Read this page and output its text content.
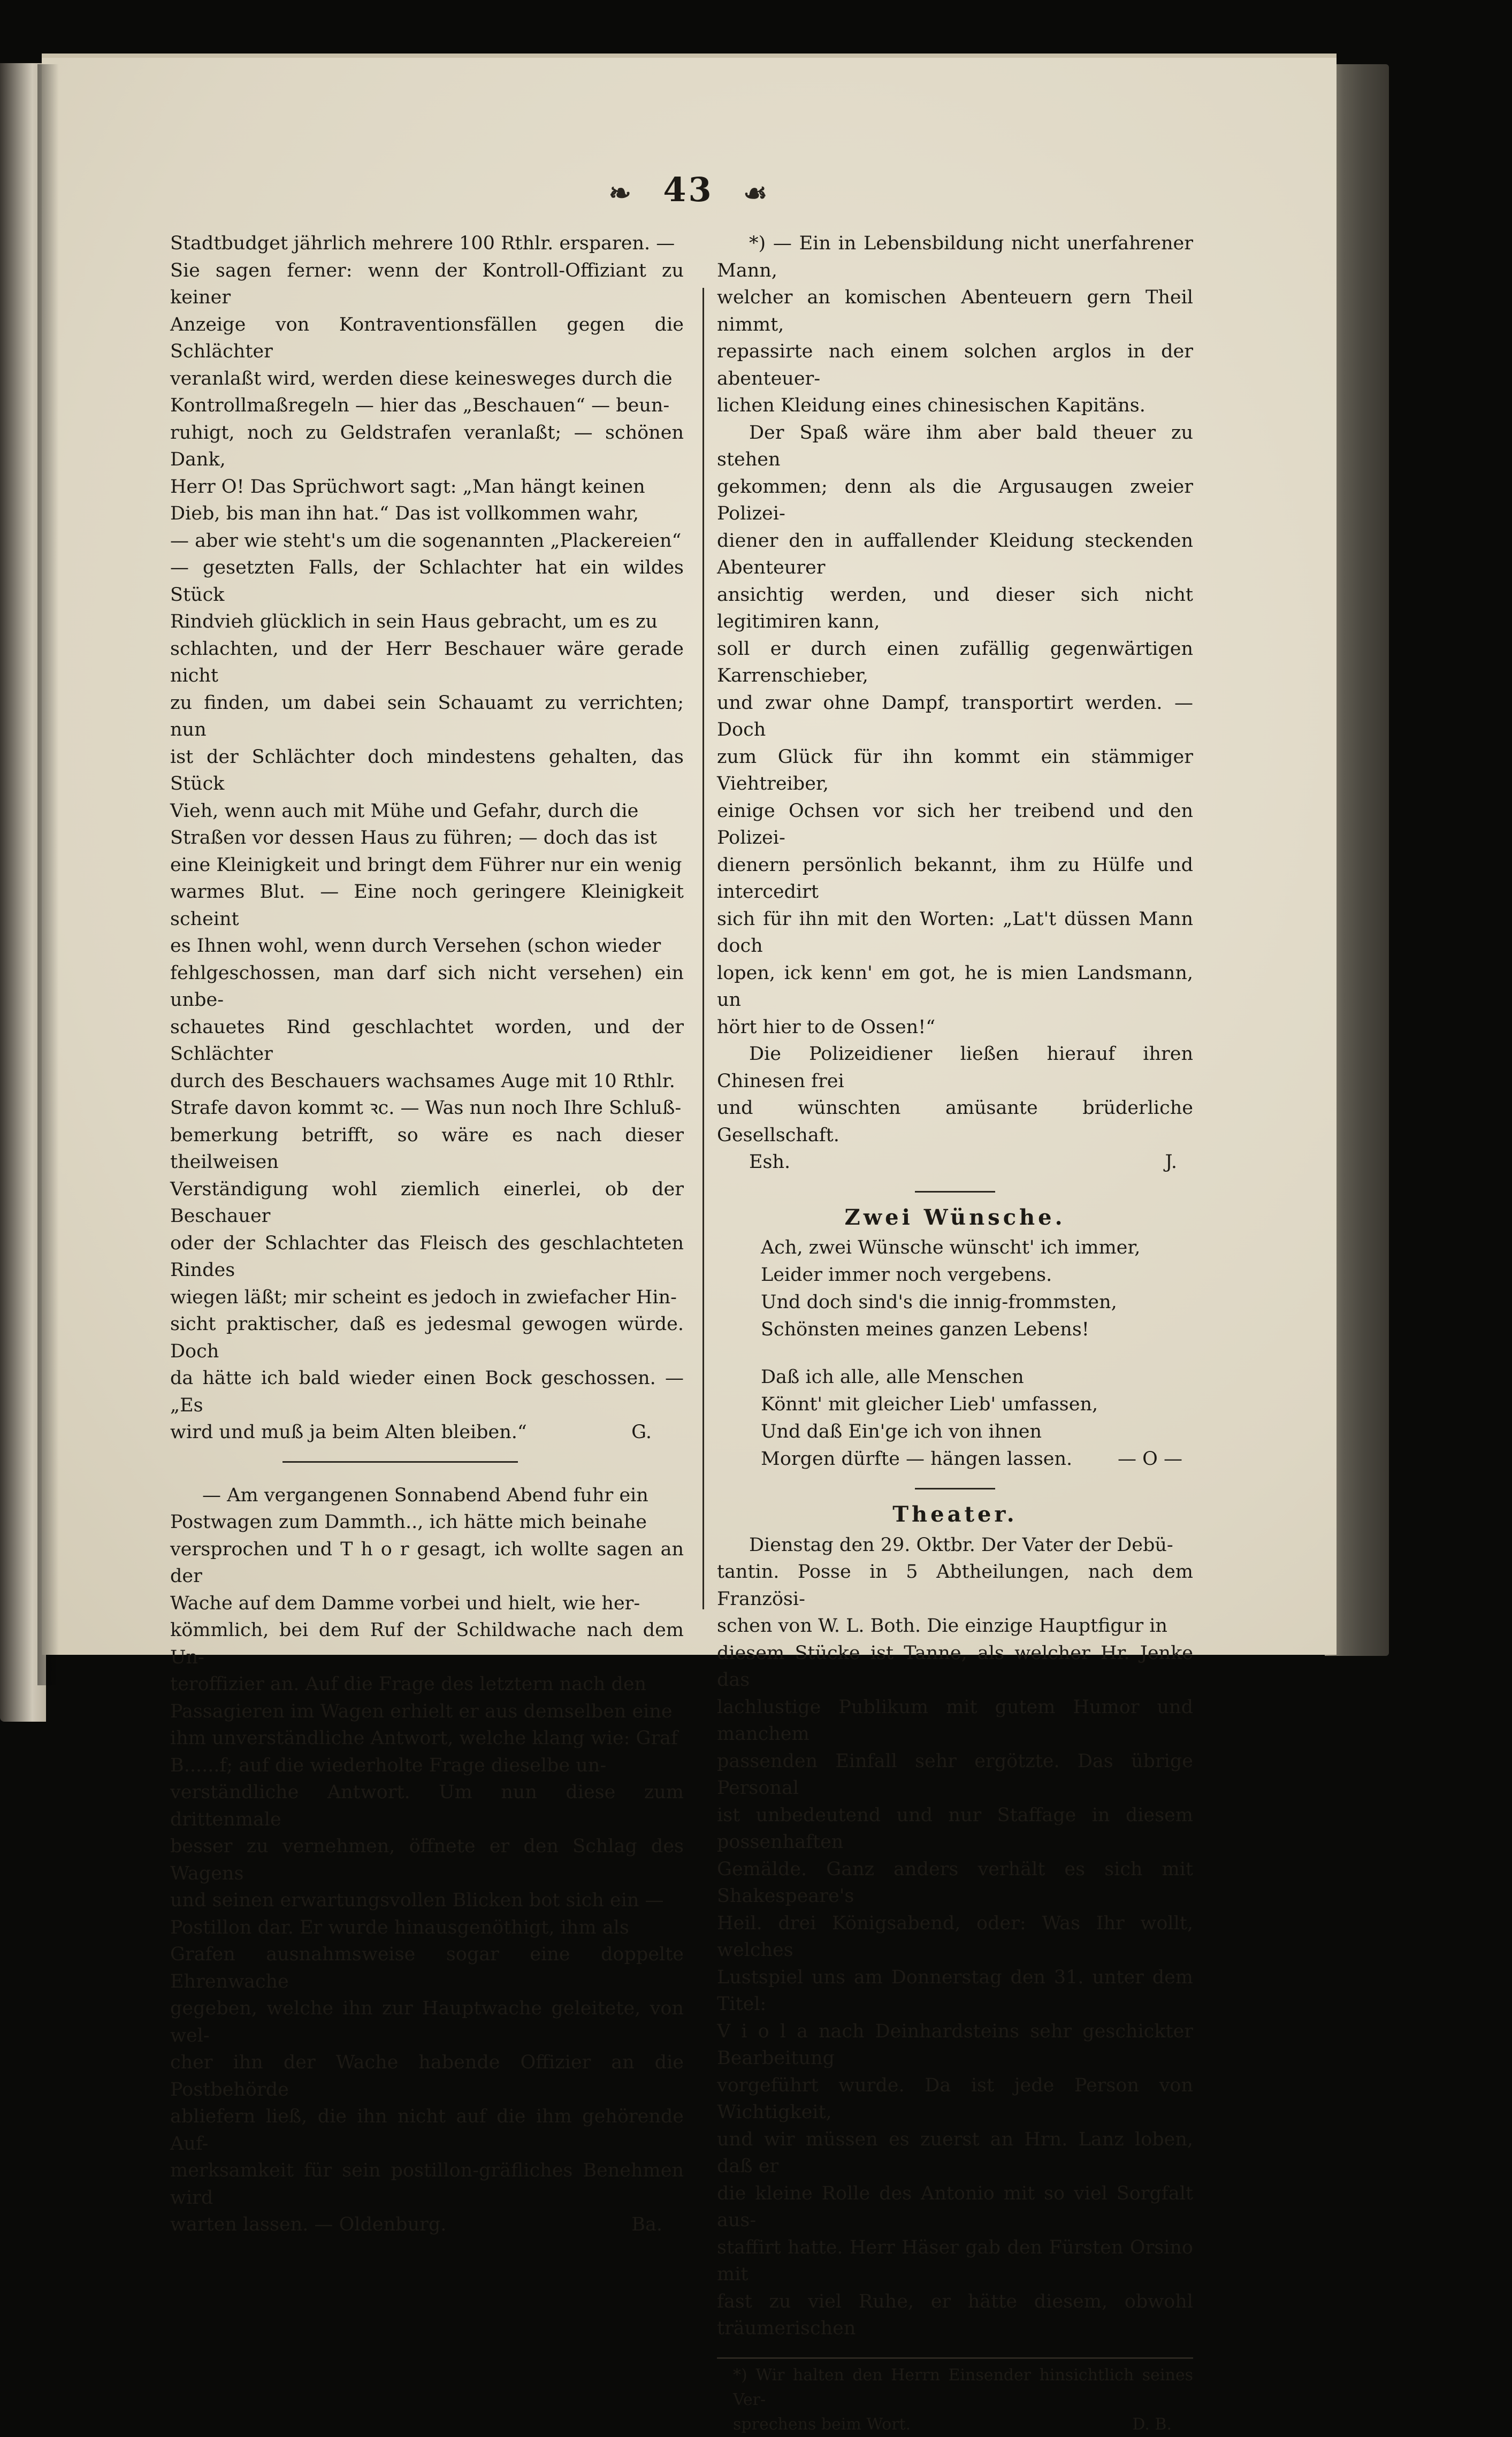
❧ 43 ☙

Stadtbudget jährlich mehrere 100 Rthlr. ersparen. —

Sie sagen ferner: wenn der Kontroll-Offiziant zu keiner

Anzeige von Kontraventionsfällen gegen die Schlächter

veranlaßt wird, werden diese keinesweges durch die

Kontrollmaßregeln — hier das „Beschauen“ — beun-

ruhigt, noch zu Geldstrafen veranlaßt; — schönen Dank,

Herr O! Das Sprüchwort sagt: „Man hängt keinen

Dieb, bis man ihn hat.“ Das ist vollkommen wahr,

— aber wie steht's um die sogenannten „Plackereien“

— gesetzten Falls, der Schlachter hat ein wildes Stück

Rindvieh glücklich in sein Haus gebracht, um es zu

schlachten, und der Herr Beschauer wäre gerade nicht

zu finden, um dabei sein Schauamt zu verrichten; nun

ist der Schlächter doch mindestens gehalten, das Stück

Vieh, wenn auch mit Mühe und Gefahr, durch die

Straßen vor dessen Haus zu führen; — doch das ist

eine Kleinigkeit und bringt dem Führer nur ein wenig

warmes Blut. — Eine noch geringere Kleinigkeit scheint

es Ihnen wohl, wenn durch Versehen (schon wieder

fehlgeschossen, man darf sich nicht versehen) ein unbe-

schauetes Rind geschlachtet worden, und der Schlächter

durch des Beschauers wachsames Auge mit 10 Rthlr.

Strafe davon kommt ꝛc. — Was nun noch Ihre Schluß-

bemerkung betrifft, so wäre es nach dieser theilweisen

Verständigung wohl ziemlich einerlei, ob der Beschauer

oder der Schlachter das Fleisch des geschlachteten Rindes

wiegen läßt; mir scheint es jedoch in zwiefacher Hin-

sicht praktischer, daß es jedesmal gewogen würde. Doch

da hätte ich bald wieder einen Bock geschossen. — „Es

wird und muß ja beim Alten bleiben.“	G.

— Am vergangenen Sonnabend Abend fuhr ein

Postwagen zum Dammth.., ich hätte mich beinahe

versprochen und T h o r gesagt, ich wollte sagen an der

Wache auf dem Damme vorbei und hielt, wie her-

kömmlich, bei dem Ruf der Schildwache nach dem Un-

teroffizier an. Auf die Frage des letztern nach den

Passagieren im Wagen erhielt er aus demselben eine

ihm unverständliche Antwort, welche klang wie: Graf

B......f; auf die wiederholte Frage dieselbe un-

verständliche Antwort. Um nun diese zum drittenmale

besser zu vernehmen, öffnete er den Schlag des Wagens

und seinen erwartungsvollen Blicken bot sich ein —

Postillon dar. Er wurde hinausgenöthigt, ihm als

Grafen ausnahmsweise sogar eine doppelte Ehrenwache

gegeben, welche ihn zur Hauptwache geleitete, von wel-

cher ihn der Wache habende Offizier an die Postbehörde

abliefern ließ, die ihn nicht auf die ihm gehörende Auf-

merksamkeit für sein postillon-gräfliches Benehmen wird

warten lassen. — Oldenburg.	Ba.

*) — Ein in Lebensbildung nicht unerfahrener Mann,

welcher an komischen Abenteuern gern Theil nimmt,

repassirte nach einem solchen arglos in der abenteuer-

lichen Kleidung eines chinesischen Kapitäns.

Der Spaß wäre ihm aber bald theuer zu stehen

gekommen; denn als die Argusaugen zweier Polizei-

diener den in auffallender Kleidung steckenden Abenteurer

ansichtig werden, und dieser sich nicht legitimiren kann,

soll er durch einen zufällig gegenwärtigen Karrenschieber,

und zwar ohne Dampf, transportirt werden. — Doch

zum Glück für ihn kommt ein stämmiger Viehtreiber,

einige Ochsen vor sich her treibend und den Polizei-

dienern persönlich bekannt, ihm zu Hülfe und intercedirt

sich für ihn mit den Worten: „Lat't düssen Mann doch

lopen, ick kenn' em got, he is mien Landsmann, un

hört hier to de Ossen!“

Die Polizeidiener ließen hierauf ihren Chinesen frei

und wünschten amüsante brüderliche Gesellschaft.

Esh.	J.

Zwei Wünsche.

Ach, zwei Wünsche wünscht' ich immer,

Leider immer noch vergebens.

Und doch sind's die innig-frommsten,

Schönsten meines ganzen Lebens!

Daß ich alle, alle Menschen

Könnt' mit gleicher Lieb' umfassen,

Und daß Ein'ge ich von ihnen

Morgen dürfte — hängen lassen. — O —
Theater.

Dienstag den 29. Oktbr. Der Vater der Debü-

tantin. Posse in 5 Abtheilungen, nach dem Französi-

schen von W. L. Both. Die einzige Hauptfigur in

diesem Stücke ist Tanne, als welcher Hr. Jenke das

lachlustige Publikum mit gutem Humor und manchem

passenden Einfall sehr ergötzte. Das übrige Personal

ist unbedeutend und nur Staffage in diesem possenhaften

Gemälde. Ganz anders verhält es sich mit Shakespeare's

Heil. drei Königsabend, oder: Was Ihr wollt, welches

Lustspiel uns am Donnerstag den 31. unter dem Titel:

V i o l a nach Deinhardsteins sehr geschickter Bearbeitung

vorgeführt wurde. Da ist jede Person von Wichtigkeit,

und wir müssen es zuerst an Hrn. Lanz loben, daß er

die kleine Rolle des Antonio mit so viel Sorgfalt aus-

staffirt hatte. Herr Häser gab den Fürsten Orsino mit

fast zu viel Ruhe, er hätte diesem, obwohl träumerischen

*) Wir halten den Herrn Einsender hinsichtlich seines Ver-
sprechens beim Wort.	D. B.
